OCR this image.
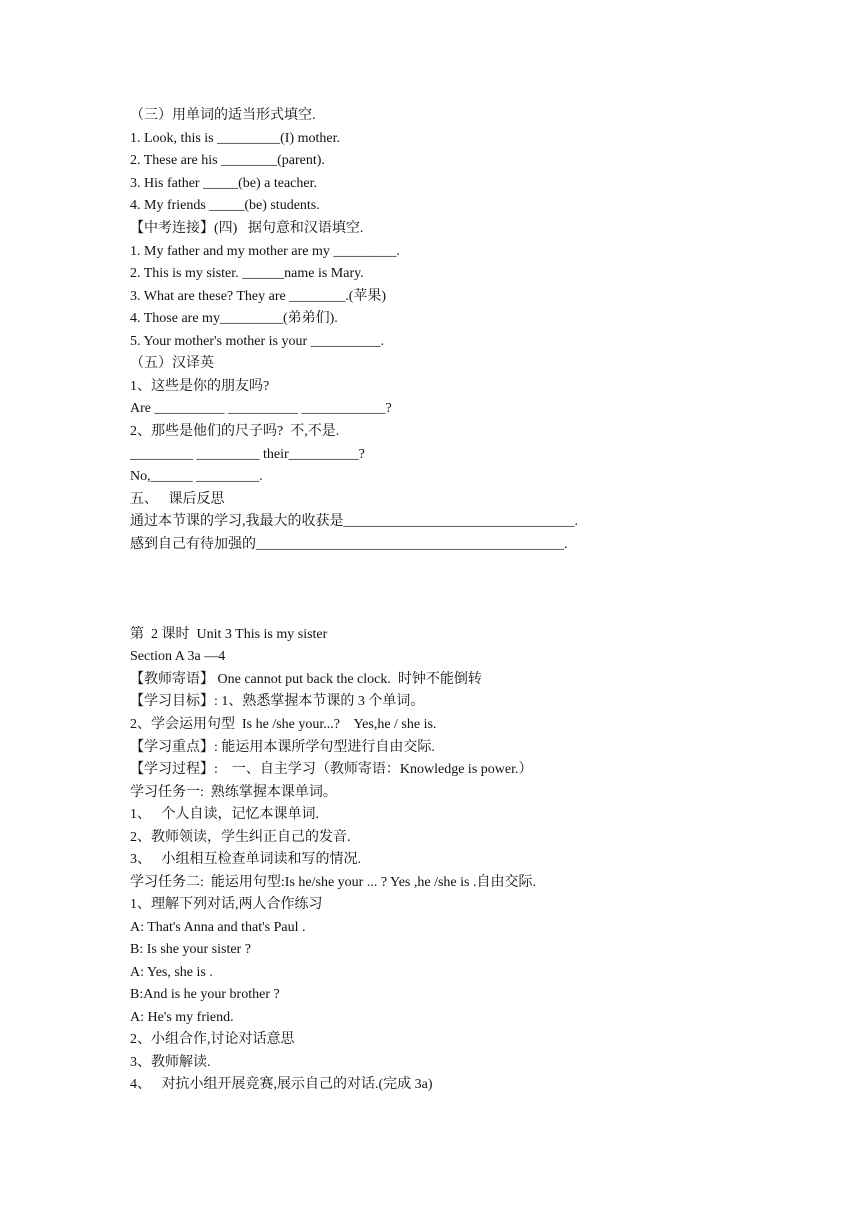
（三）用单词的适当形式填空.
1. Look, this is _________(I) mother.
2. These are his ________(parent).
3. His father _____(be) a teacher.
4. My friends _____(be) students.
【中考连接】(四)   据句意和汉语填空.
1. My father and my mother are my _________.
2. This is my sister. ______name is Mary.
3. What are these? They are ________.(苹果)
4. Those are my_________(弟弟们).
5. Your mother's mother is your __________.
（五）汉译英
1、这些是你的朋友吗?
Are __________ __________ ____________?
2、那些是他们的尺子吗?  不,不是.
_________ _________ their__________?
No,______ _________.
五、   课后反思
通过本节课的学习,我最大的收获是_________________________________.
感到自己有待加强的____________________________________________.
第  2 课时  Unit 3 This is my sister
Section A 3a —4
【教师寄语】 One cannot put back the clock.  时钟不能倒转
【学习目标】: 1、熟悉掌握本节课的 3 个单词。
2、学会运用句型  Is he /she your...?    Yes,he / she is.
【学习重点】: 能运用本课所学句型进行自由交际.
【学习过程】:    一、自主学习（教师寄语：Knowledge is power.）
学习任务一:  熟练掌握本课单词。
1、   个人自读，记忆本课单词.
2、教师领读，学生纠正自己的发音.
3、   小组相互检查单词读和写的情况.
学习任务二:  能运用句型:Is he/she your ... ? Yes ,he /she is .自由交际.
1、理解下列对话,两人合作练习
A: That's Anna and that's Paul .
B: Is she your sister ?
A: Yes, she is .
B:And is he your brother ?
A: He's my friend.
2、小组合作,讨论对话意思
3、教师解读.
4、   对抗小组开展竞赛,展示自己的对话.(完成 3a)
